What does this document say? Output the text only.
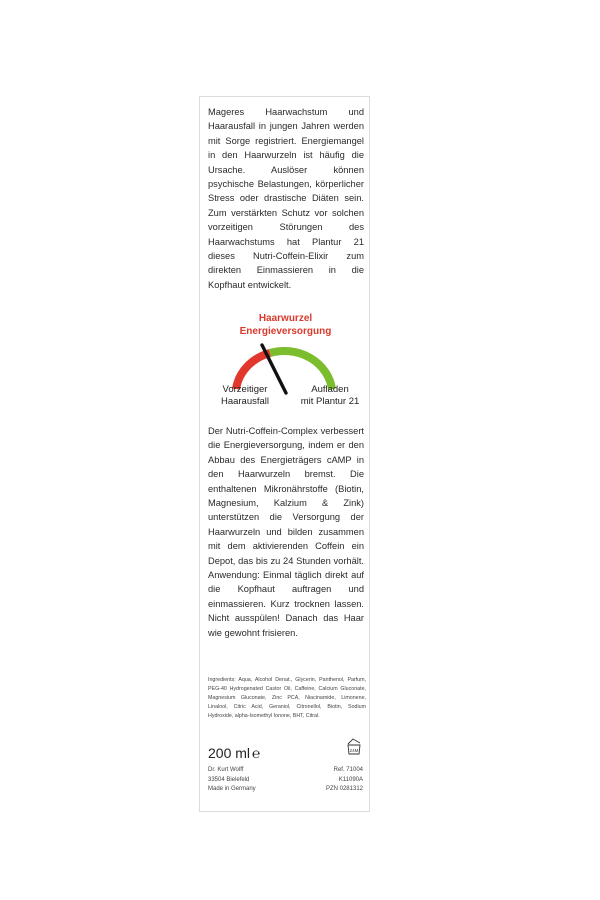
Mageres Haarwachstum und Haarausfall in jungen Jahren werden mit Sorge registriert. Energiemangel in den Haarwurzeln ist häufig die Ursache. Auslöser können psychische Belastungen, körperlicher Stress oder drastische Diäten sein. Zum verstärkten Schutz vor solchen vorzeitigen Störungen des Haarwachstums hat Plantur 21 dieses Nutri-Coffein-Elixir zum direkten Einmassieren in die Kopfhaut entwickelt.

Haarwurzel
Energieversorgung
Vorzeitiger
Haarausfall
Aufladen
mit Plantur 21
Der Nutri-Coffein-Complex verbessert die Energieversorgung, indem er den Abbau des Energieträgers cAMP in den Haarwurzeln bremst. Die enthaltenen Mikronährstoffe (Biotin, Magnesium, Kalzium & Zink) unterstützen die Versorgung der Haarwurzeln und bilden zusammen mit dem aktivierenden Coffein ein Depot, das bis zu 24 Stunden vorhält. Anwendung: Einmal täglich direkt auf die Kopfhaut auftragen und einmassieren. Kurz trocknen lassen. Nicht ausspülen! Danach das Haar wie gewohnt frisieren.

Ingredients: Aqua, Alcohol Denat., Glycerin, Panthenol, Parfum, PEG-40 Hydrogenated Castor Oil, Caffeine, Calcium Gluconate, Magnesium Gluconate, Zinc PCA, Niacinamide, Limonene, Linalool, Citric Acid, Geraniol, Citronellol, Biotin, Sodium Hydroxide, alpha-Isomethyl Ionone, BHT, Citral.

200 ml ℮	24M
Dr. Kurt Wolff
33504 Bielefeld
Made in Germany
Ref. 71004
K11090A
PZN 0281312
